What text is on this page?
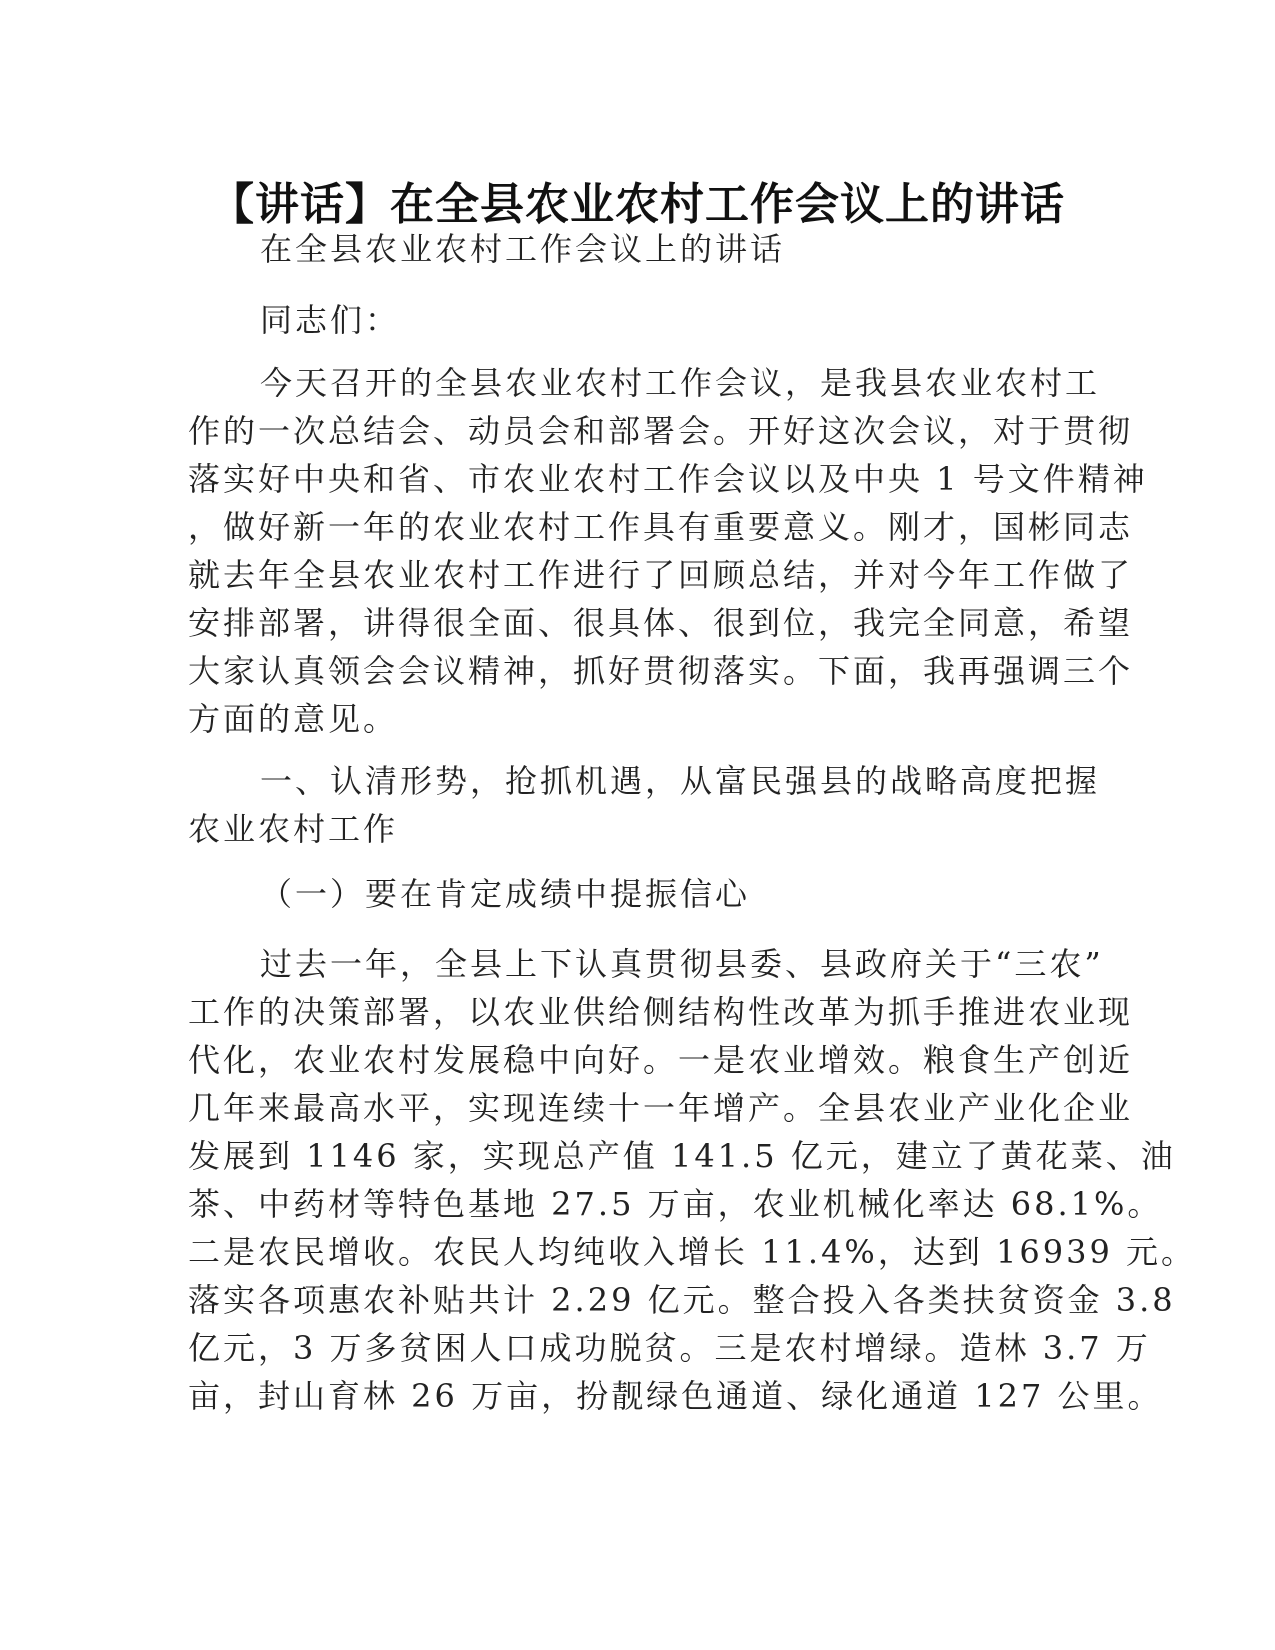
【讲话】在全县农业农村工作会议上的讲话

在全县农业农村工作会议上的讲话

同志们：

今天召开的全县农业农村工作会议，是我县农业农村工
作的一次总结会、动员会和部署会。开好这次会议，对于贯彻
落实好中央和省、市农业农村工作会议以及中央 1 号文件精神
，做好新一年的农业农村工作具有重要意义。刚才，国彬同志
就去年全县农业农村工作进行了回顾总结，并对今年工作做了
安排部署，讲得很全面、很具体、很到位，我完全同意，希望
大家认真领会会议精神，抓好贯彻落实。下面，我再强调三个
方面的意见。

一、认清形势，抢抓机遇，从富民强县的战略高度把握
农业农村工作

（一）要在肯定成绩中提振信心

过去一年，全县上下认真贯彻县委、县政府关于“三农”
工作的决策部署，以农业供给侧结构性改革为抓手推进农业现
代化，农业农村发展稳中向好。一是农业增效。粮食生产创近
几年来最高水平，实现连续十一年增产。全县农业产业化企业
发展到 1146 家，实现总产值 141.5 亿元，建立了黄花菜、油
茶、中药材等特色基地 27.5 万亩，农业机械化率达 68.1%。
二是农民增收。农民人均纯收入增长 11.4%，达到 16939 元。
落实各项惠农补贴共计 2.29 亿元。整合投入各类扶贫资金 3.8
亿元，3 万多贫困人口成功脱贫。三是农村增绿。造林 3.7 万
亩，封山育林 26 万亩，扮靓绿色通道、绿化通道 127 公里。
